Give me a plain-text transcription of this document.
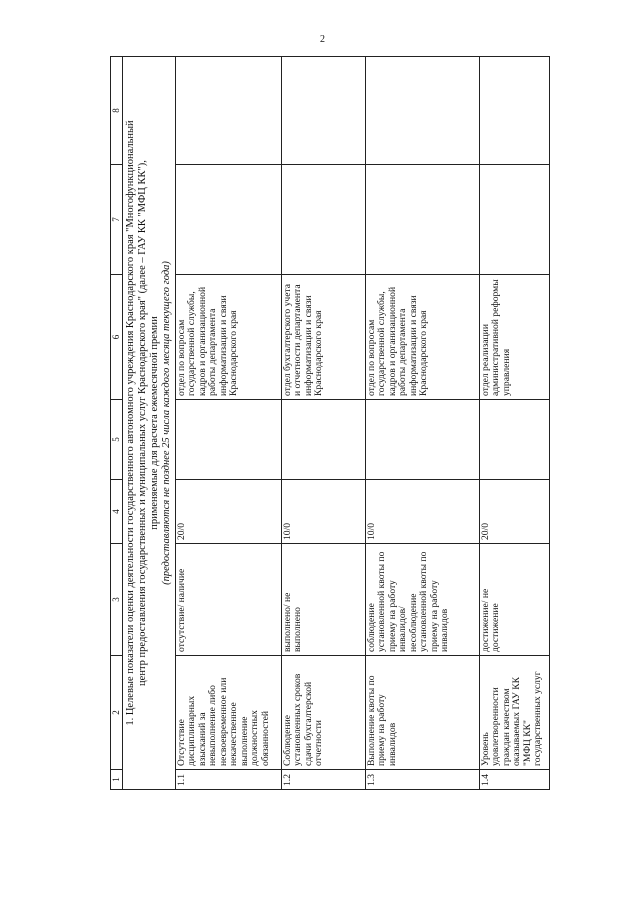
2
1	2	3	4	5	6	7	8

1. Целевые показатели оценки деятельности государственного автономного учреждения Краснодарского края "Многофункциональный центр предоставления государственных и муниципальных услуг Краснодарского края" (далее – ГАУ КК "МФЦ КК"), применяемые для расчета ежемесячной премии (предоставляются не позднее 25 числа каждого месяца текущего года)							

1.1	Отсутствие дисциплинарных взысканий за невыполнение либо несвоевременное или некачественное выполнение должностных обязанностей	отсутствие/ наличие	20/0		отдел по вопросам государственной службы, кадров и организационной работы департамента информатизации и связи Краснодарского края		
1.2	Соблюдение установленных сроков сдачи бухгалтерской отчетности	выполнено/ не выполнено	10/0		отдел бухгалтерского учета и отчетности департамента информатизации и связи Краснодарского края		
1.3	Выполнение квоты по приему на работу инвалидов	соблюдение установленной квоты по приему на работу инвалидов/ несоблюдение установленной квоты по приему на работу инвалидов	10/0		отдел по вопросам государственной службы, кадров и организационной работы департамента информатизации и связи Краснодарского края		
1.4	Уровень удовлетворенности граждан качеством оказываемых ГАУ КК "МФЦ КК" государственных услуг	достижение/ не достижение	20/0		отдел реализации административной реформы управления		
